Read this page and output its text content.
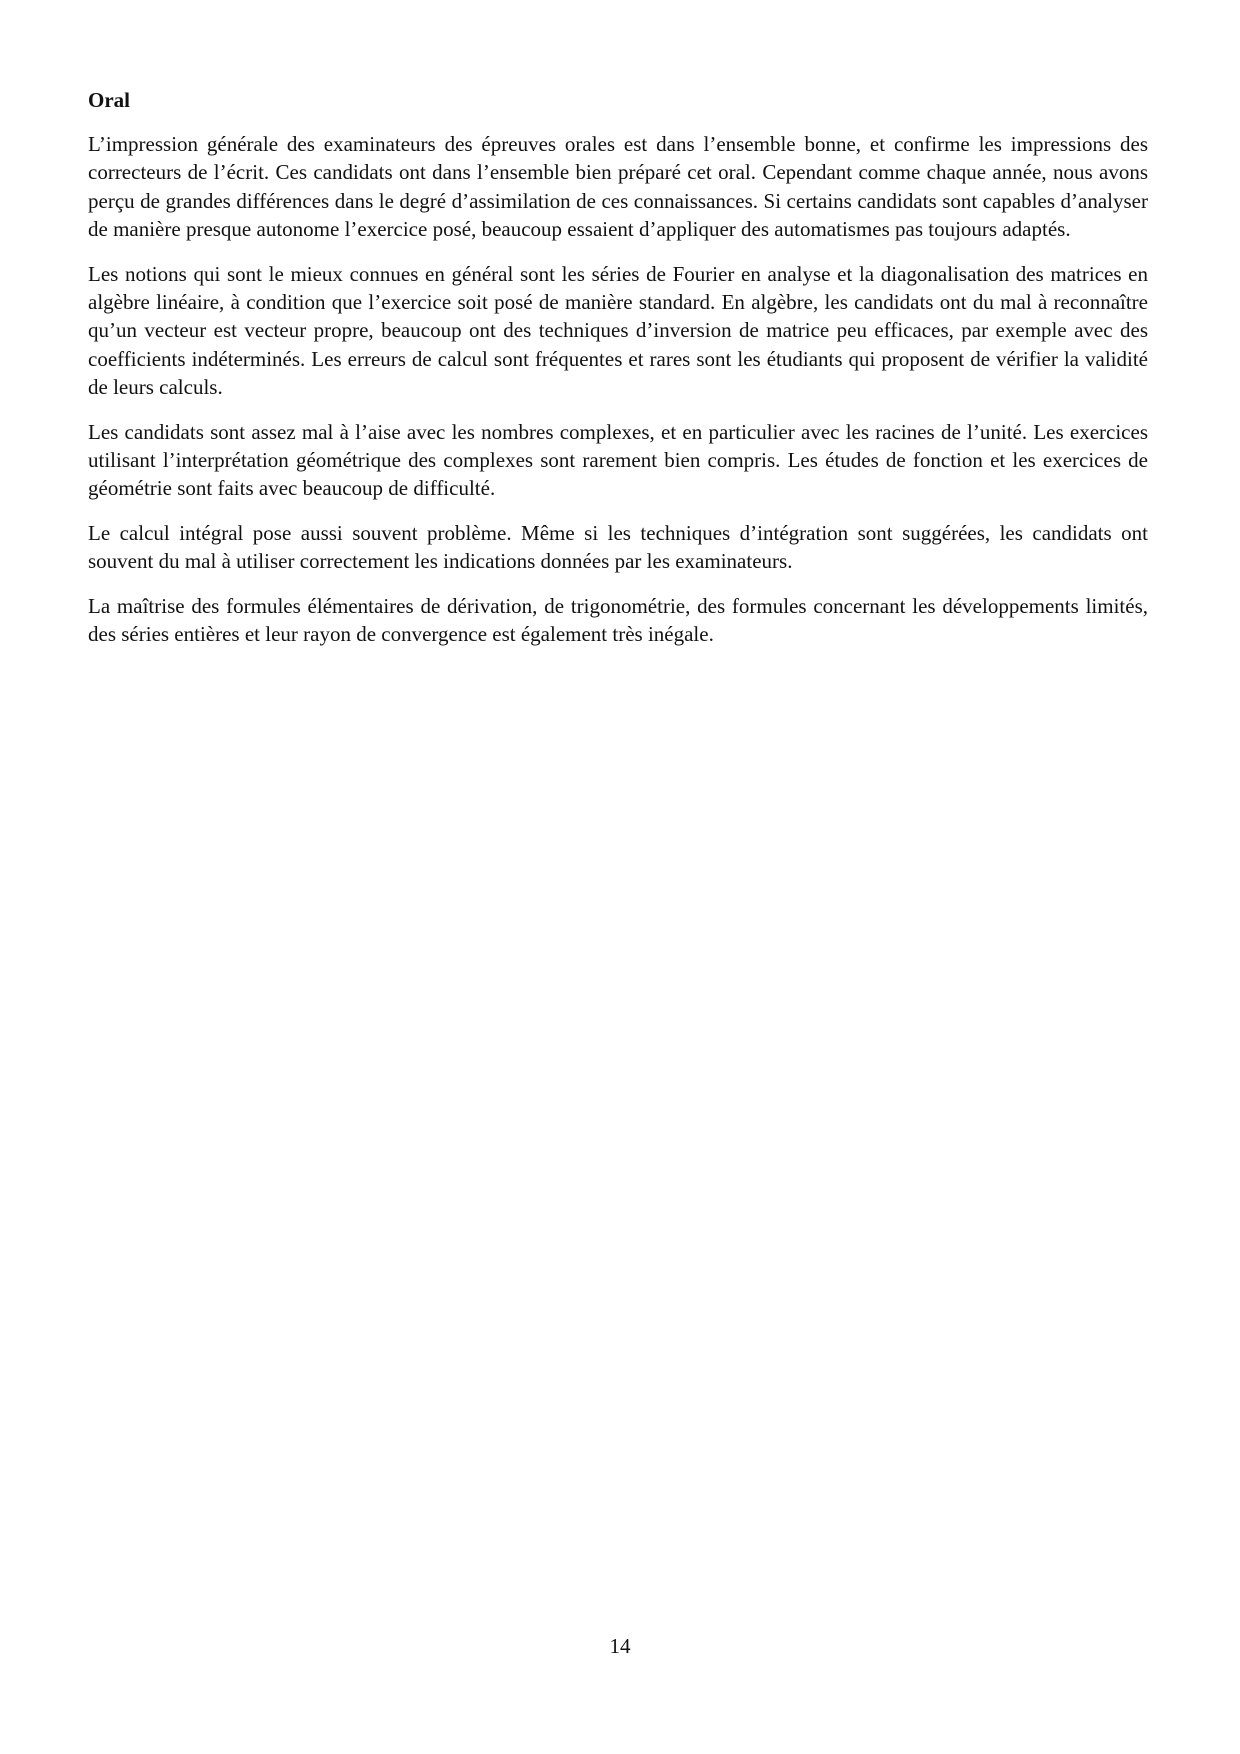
Oral

L’impression générale des examinateurs des épreuves orales est dans l’ensemble bonne, et confirme les impressions des correcteurs de l’écrit. Ces candidats ont dans l’ensemble bien préparé cet oral. Cependant comme chaque année, nous avons perçu de grandes différences dans le degré d’assimilation de ces connaissances. Si certains candidats sont capables d’analyser de manière presque autonome l’exercice posé, beaucoup essaient d’appliquer des automatismes pas toujours adaptés.

Les notions qui sont le mieux connues en général sont les séries de Fourier en analyse et la diagonalisation des matrices en algèbre linéaire, à condition que l’exercice soit posé de manière standard. En algèbre, les candidats ont du mal à reconnaître qu’un vecteur est vecteur propre, beaucoup ont des techniques d’inversion de matrice peu efficaces, par exemple avec des coefficients indéterminés. Les erreurs de calcul sont fréquentes et rares sont les étudiants qui proposent de vérifier la validité de leurs calculs.

Les candidats sont assez mal à l’aise avec les nombres complexes, et en particulier avec les racines de l’unité. Les exercices utilisant l’interprétation géométrique des complexes sont rarement bien compris. Les études de fonction et les exercices de géométrie sont faits avec beaucoup de difficulté.

Le calcul intégral pose aussi souvent problème. Même si les techniques d’intégration sont suggérées, les candidats ont souvent du mal à utiliser correctement les indications données par les examinateurs.

La maîtrise des formules élémentaires de dérivation, de trigonométrie, des formules concernant les développements limités, des séries entières et leur rayon de convergence est également très inégale.

14
